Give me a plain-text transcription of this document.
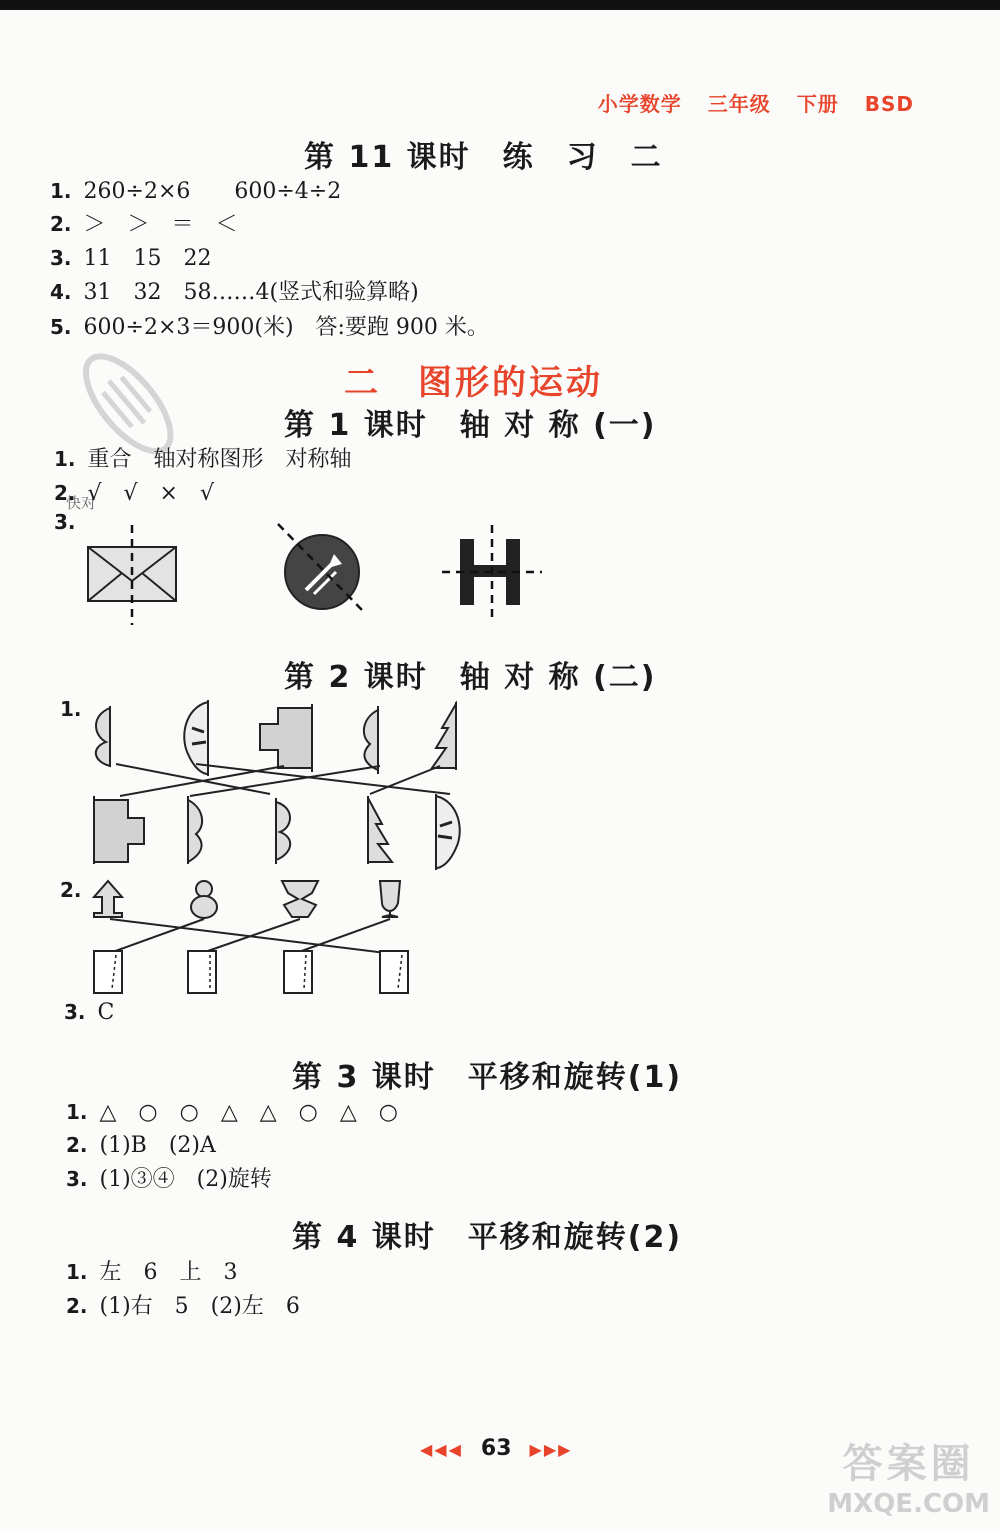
小学数学 三年级 下册 BSD
第 11 课时　练　习　二
1. 260÷2×6　　600÷4÷2
2. ＞　＞　＝　＜
3. 11　15　22
4. 31　32　58……4(竖式和验算略)
5. 600÷2×3＝900(米)　答:要跑 900 米。
快对
二　图形的运动
第 1 课时　轴 对 称 (一)
1. 重合　轴对称图形　对称轴
2. √　√　×　√
3.
第 2 课时　轴 对 称 (二)
1.
2.
3. C
第 3 课时　平移和旋转(1)
1. △　○　○　△　△　○　△　○
2. (1)B　(2)A
3. (1)③④　(2)旋转
第 4 课时　平移和旋转(2)
1. 左　6　上　3
2. (1)右　5　(2)左　6
◀◀◀ 63 ▶▶▶	答案圈
MXQE.COM
